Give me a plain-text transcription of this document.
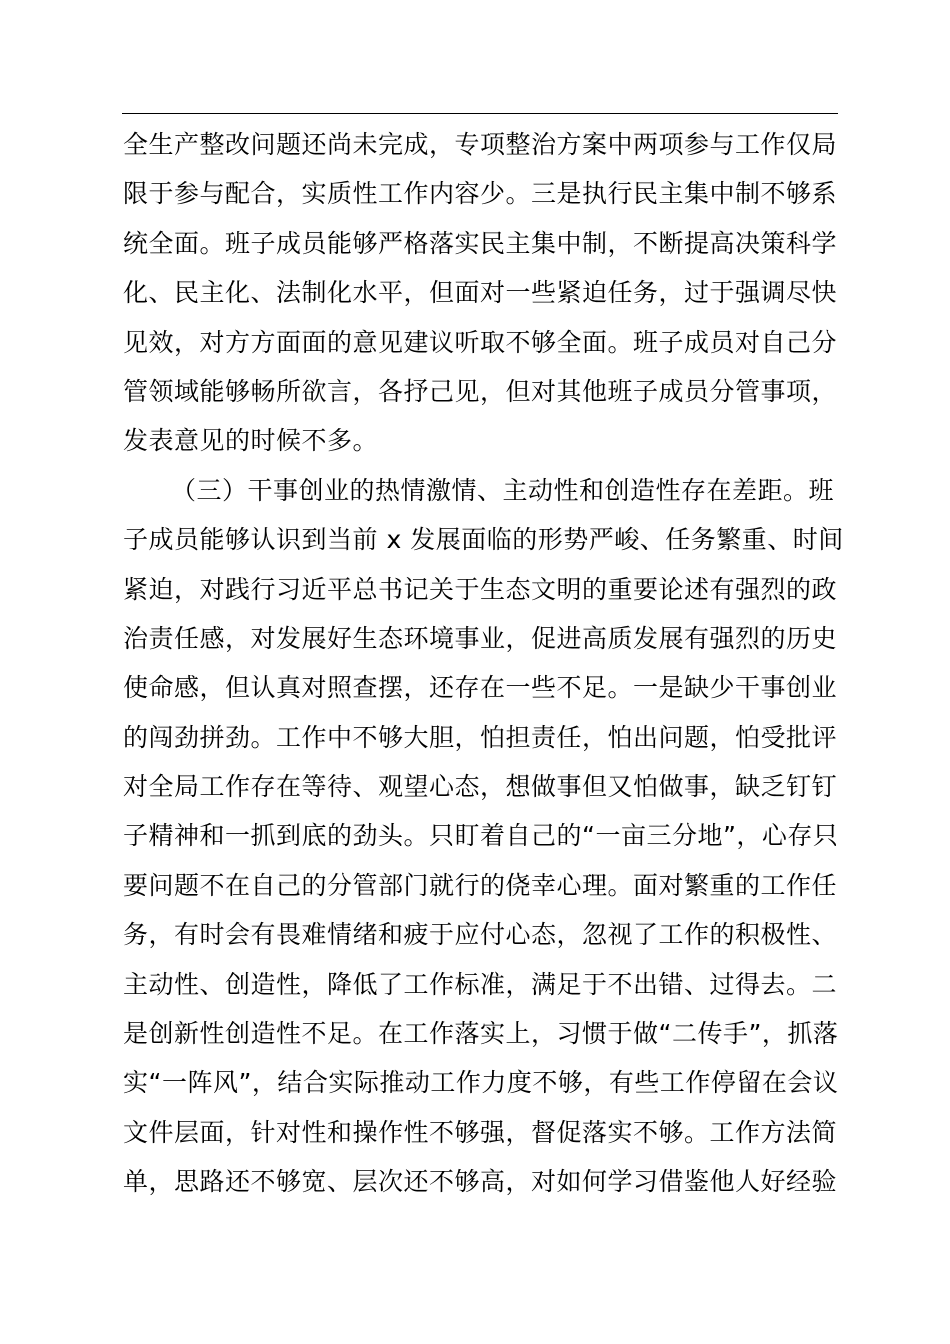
全生产整改问题还尚未完成，专项整治方案中两项参与工作仅局
限于参与配合，实质性工作内容少。三是执行民主集中制不够系
统全面。班子成员能够严格落实民主集中制，不断提高决策科学
化、民主化、法制化水平，但面对一些紧迫任务，过于强调尽快
见效，对方方面面的意见建议听取不够全面。班子成员对自己分
管领域能够畅所欲言，各抒己见，但对其他班子成员分管事项，
发表意见的时候不多。
（三）干事创业的热情激情、主动性和创造性存在差距。班
子成员能够认识到当前 x 发展面临的形势严峻、任务繁重、时间
紧迫，对践行习近平总书记关于生态文明的重要论述有强烈的政
治责任感，对发展好生态环境事业，促进高质发展有强烈的历史
使命感，但认真对照查摆，还存在一些不足。一是缺少干事创业
的闯劲拼劲。工作中不够大胆，怕担责任，怕出问题，怕受批评
对全局工作存在等待、观望心态，想做事但又怕做事，缺乏钉钉
子精神和一抓到底的劲头。只盯着自己的“一亩三分地”，心存只
要问题不在自己的分管部门就行的侥幸心理。面对繁重的工作任
务，有时会有畏难情绪和疲于应付心态，忽视了工作的积极性、
主动性、创造性，降低了工作标准，满足于不出错、过得去。二
是创新性创造性不足。在工作落实上，习惯于做“二传手”，抓落
实“一阵风”，结合实际推动工作力度不够，有些工作停留在会议
文件层面，针对性和操作性不够强，督促落实不够。工作方法简
单，思路还不够宽、层次还不够高，对如何学习借鉴他人好经验
